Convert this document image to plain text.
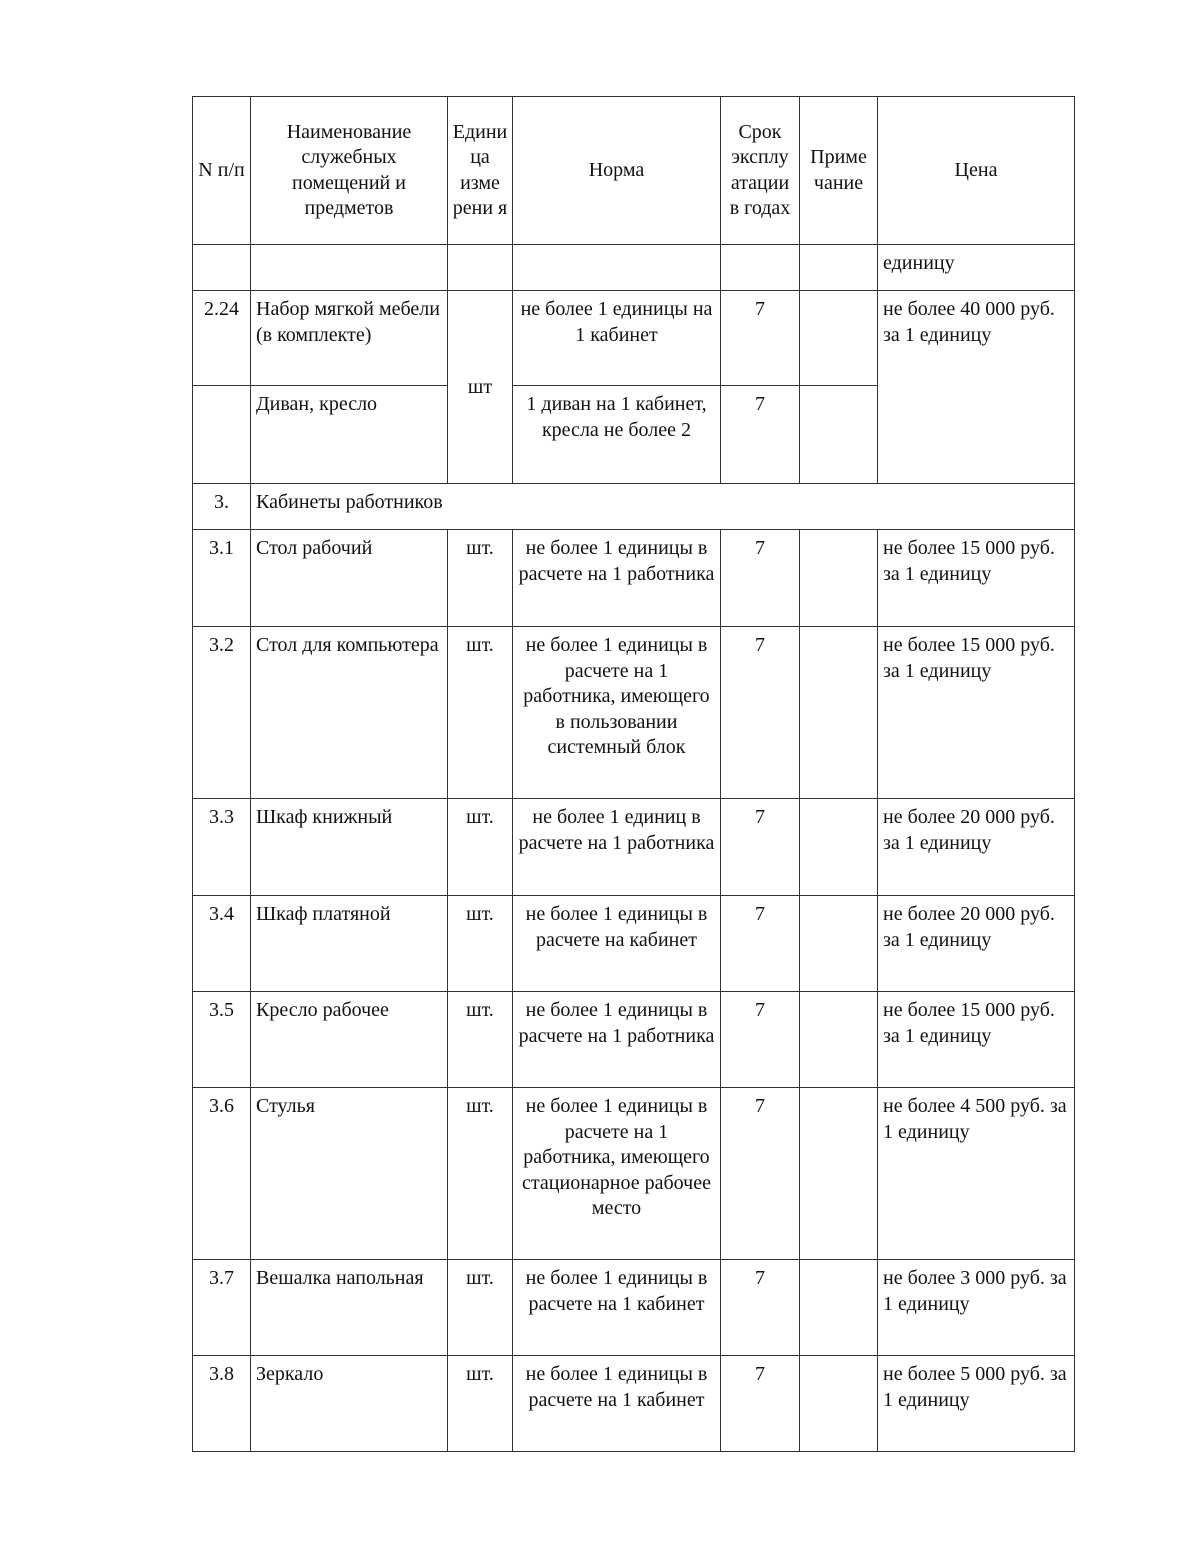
N п/п	Наименование служебных помещений и предметов	Едини ца изме рени я	Норма	Срок эксплу атации в годах	Приме чание	Цена
						единицу
2.24	Набор мягкой мебели (в комплекте)	шт	не более 1 единицы на 1 кабинет	7		не более 40 000 руб. за 1 единицу
	Диван, кресло		1 диван на 1 кабинет, кресла не более 2	7		
3.	Кабинеты работников					
3.1	Стол рабочий	шт.	не более 1 единицы в расчете на 1 работника	7		не более 15 000 руб. за 1 единицу
3.2	Стол для компьютера	шт.	не более 1 единицы в расчете на 1 работника, имеющего в пользовании системный блок	7		не более 15 000 руб. за 1 единицу
3.3	Шкаф книжный	шт.	не более 1 единиц в расчете на 1 работника	7		не более 20 000 руб. за 1 единицу
3.4	Шкаф платяной	шт.	не более 1 единицы в расчете на кабинет	7		не более 20 000 руб. за 1 единицу
3.5	Кресло рабочее	шт.	не более 1 единицы в расчете на 1 работника	7		не более 15 000 руб. за 1 единицу
3.6	Стулья	шт.	не более 1 единицы в расчете на 1 работника, имеющего стационарное рабочее место	7		не более 4 500 руб. за 1 единицу
3.7	Вешалка напольная	шт.	не более 1 единицы в расчете на 1 кабинет	7		не более 3 000 руб. за 1 единицу
3.8	Зеркало	шт.	не более 1 единицы в расчете на 1 кабинет	7		не более 5 000 руб. за 1 единицу
